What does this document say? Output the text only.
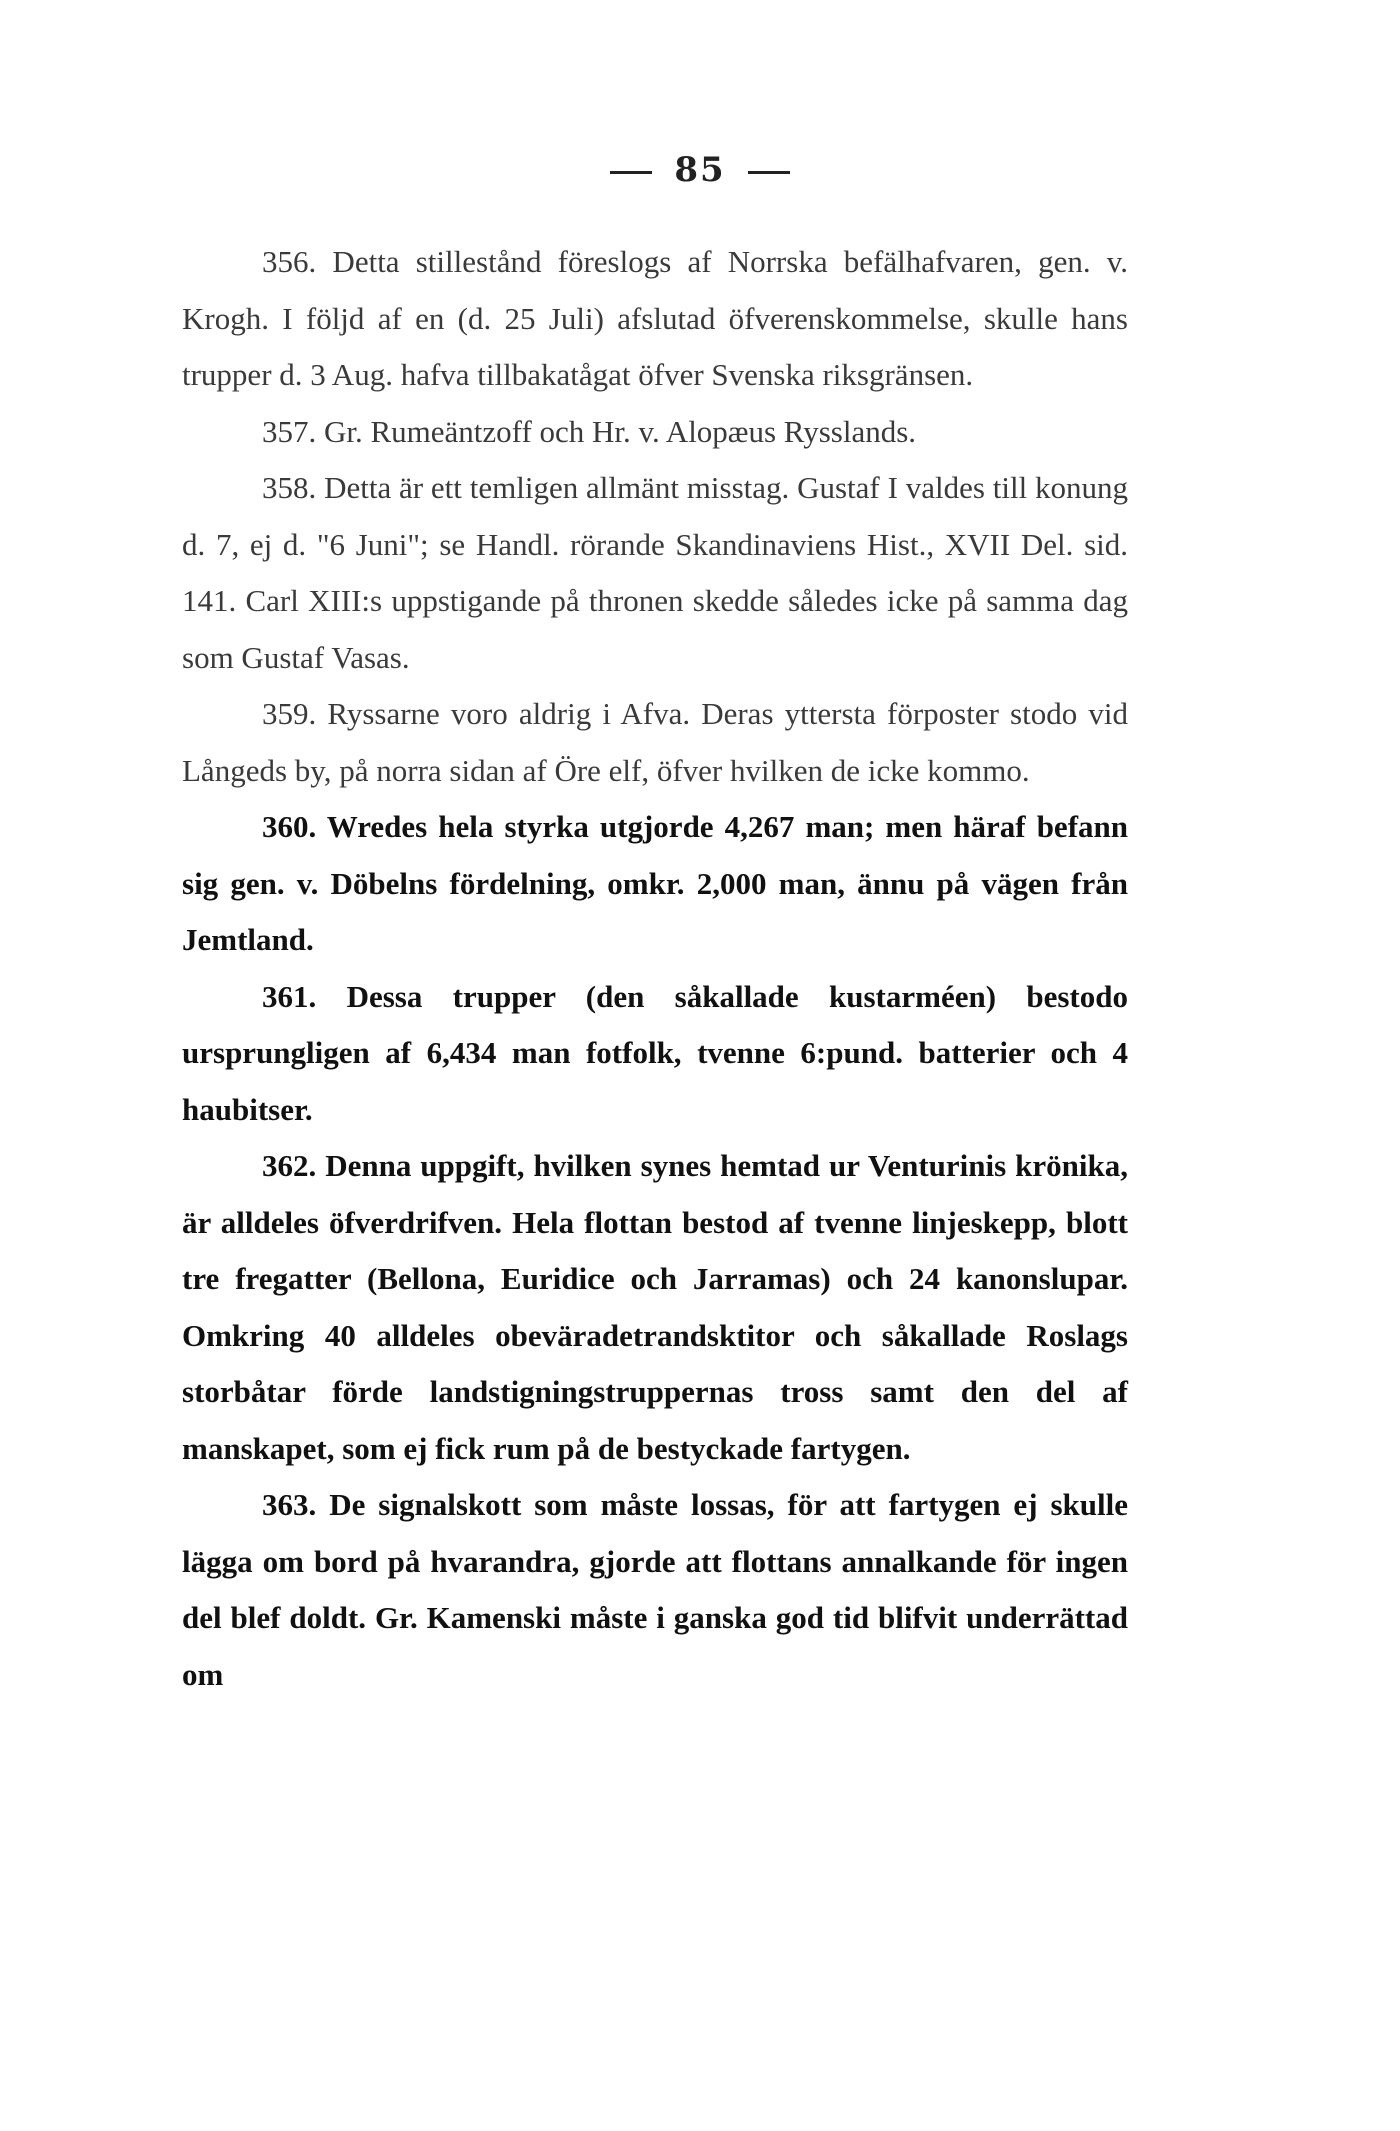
85

356. Detta stillestånd föreslogs af Norrska befälhafvaren, gen. v. Krogh. I följd af en (d. 25 Juli) afslutad öfverenskommelse, skulle hans trupper d. 3 Aug. hafva tillbakatågat öfver Svenska riksgränsen.

357. Gr. Rumeäntzoff och Hr. v. Alopæus Rysslands.

358. Detta är ett temligen allmänt misstag. Gustaf I valdes till konung d. 7, ej d. "6 Juni"; se Handl. rörande Skandinaviens Hist., XVII Del. sid. 141. Carl XIII:s uppstigande på thronen skedde således icke på samma dag som Gustaf Vasas.

359. Ryssarne voro aldrig i Afva. Deras yttersta förposter stodo vid Långeds by, på norra sidan af Öre elf, öfver hvilken de icke kommo.

360. Wredes hela styrka utgjorde 4,267 man; men häraf befann sig gen. v. Döbelns fördelning, omkr. 2,000 man, ännu på vägen från Jemtland.

361. Dessa trupper (den såkallade kustarméen) bestodo ursprungligen af 6,434 man fotfolk, tvenne 6:pund. batterier och 4 haubitser.

362. Denna uppgift, hvilken synes hemtad ur Venturinis krönika, är alldeles öfverdrifven. Hela flottan bestod af tvenne linjeskepp, blott tre fregatter (Bellona, Euridice och Jarramas) och 24 kanonslupar. Omkring 40 alldeles obeväradetrandsktitor och såkallade Roslags storbåtar förde landstigningstruppernas tross samt den del af manskapet, som ej fick rum på de bestyckade fartygen.

363. De signalskott som måste lossas, för att fartygen ej skulle lägga om bord på hvarandra, gjorde att flottans annalkande för ingen del blef doldt. Gr. Kamenski måste i ganska god tid blifvit underrättad om
